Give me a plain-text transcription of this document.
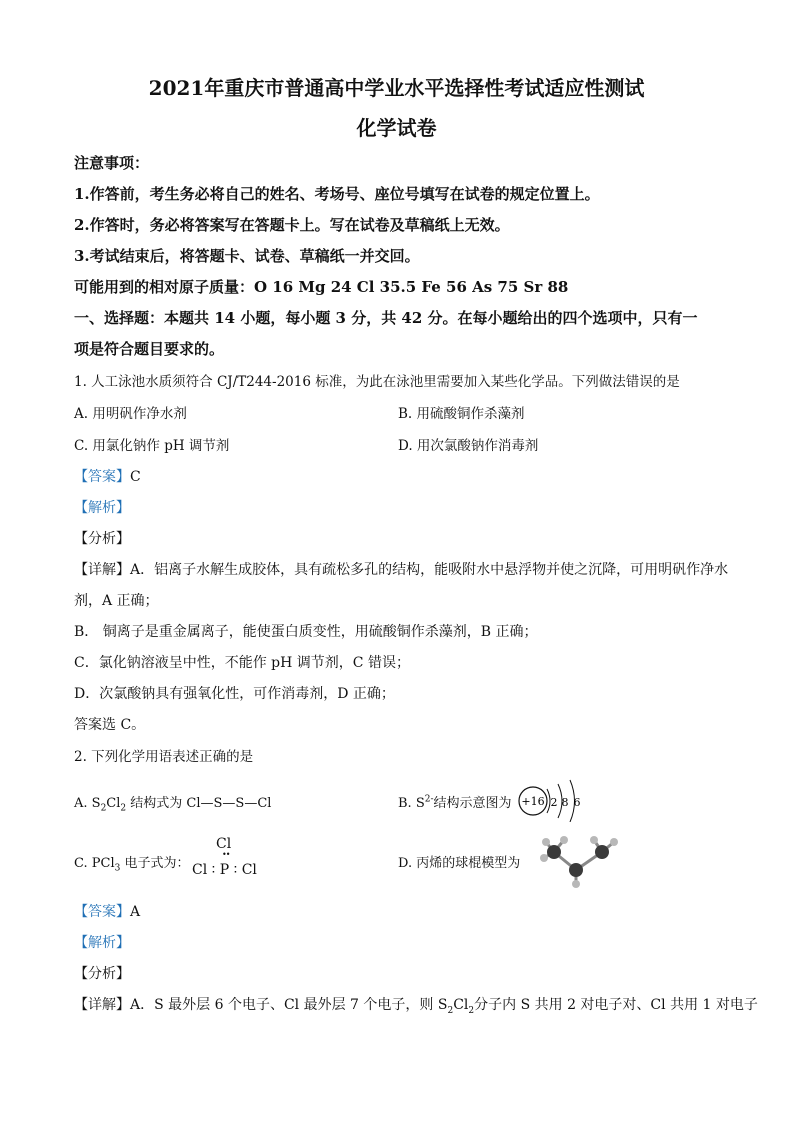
2021年重庆市普通高中学业水平选择性考试适应性测试
化学试卷
注意事项：
1.作答前，考生务必将自己的姓名、考场号、座位号填写在试卷的规定位置上。
2.作答时，务必将答案写在答题卡上。写在试卷及草稿纸上无效。
3.考试结束后，将答题卡、试卷、草稿纸一并交回。
可能用到的相对原子质量：O 16 Mg 24 Cl 35.5 Fe 56 As 75 Sr 88
一、选择题：本题共 14 小题，每小题 3 分，共 42 分。在每小题给出的四个选项中，只有一
项是符合题目要求的。
1. 人工泳池水质须符合 CJ/T244-2016 标准，为此在泳池里需要加入某些化学品。下列做法错误的是
A. 用明矾作净水剂	B. 用硫酸铜作杀藻剂
C. 用氯化钠作 pH 调节剂	D. 用次氯酸钠作消毒剂
【答案】C
【解析】
【分析】
【详解】A．铝离子水解生成胶体，具有疏松多孔的结构，能吸附水中悬浮物并使之沉降，可用明矾作净水
剂，A 正确；
B． 铜离子是重金属离子，能使蛋白质变性，用硫酸铜作杀藻剂，B 正确；
C．氯化钠溶液呈中性，不能作 pH 调节剂，C 错误；
D．次氯酸钠具有强氧化性，可作消毒剂，D 正确；
答案选 C。
2. 下列化学用语表述正确的是
A. $S_2Cl_2$ 结构式为 Cl—S—S—Cl	B. $S^{2-}$结构示意图为 +16 2 8 6
C. PCl$_3$ 电子式为：
Cl
••
Cl ∶ P ∶ Cl	D. 丙烯的球棍模型为
【答案】A
【解析】
【分析】
【详解】A．S 最外层 6 个电子、Cl 最外层 7 个电子，则 $S_2Cl_2$分子内 S 共用 2 对电子对、Cl 共用 1 对电子
